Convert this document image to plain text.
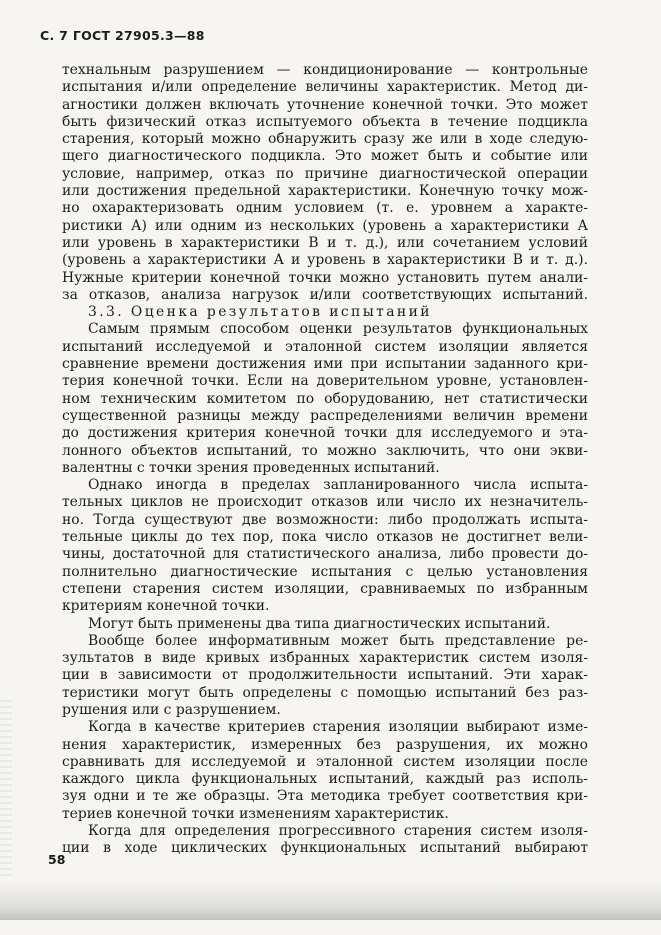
С. 7 ГОСТ 27905.3—88

технальным разрушением — кондиционирование — контрольные
испытания и/или определение величины характеристик. Метод ди-
агностики должен включать уточнение конечной точки. Это может
быть физический отказ испытуемого объекта в течение подцикла
старения, который можно обнаружить сразу же или в ходе следую-
щего диагностического подцикла. Это может быть и событие или
условие, например, отказ по причине диагностической операции
или достижения предельной характеристики. Конечную точку мож-
но охарактеризовать одним условием (т. е. уровнем а характе-
ристики А) или одним из нескольких (уровень а характеристики А
или уровень в характеристики В и т. д.), или сочетанием условий
(уровень а характеристики А и уровень в характеристики В и т. д.).
Нужные критерии конечной точки можно установить путем анали-
за отказов, анализа нагрузок и/или соответствующих испытаний.

3.3. Оценка результатов испытаний

Самым прямым способом оценки результатов функциональных
испытаний исследуемой и эталонной систем изоляции является
сравнение времени достижения ими при испытании заданного кри-
терия конечной точки. Если на доверительном уровне, установлен-
ном техническим комитетом по оборудованию, нет статистически
существенной разницы между распределениями величин времени
до достижения критерия конечной точки для исследуемого и эта-
лонного объектов испытаний, то можно заключить, что они экви-
валентны с точки зрения проведенных испытаний.

Однако иногда в пределах запланированного числа испыта-
тельных циклов не происходит отказов или число их незначитель-
но. Тогда существуют две возможности: либо продолжать испыта-
тельные циклы до тех пор, пока число отказов не достигнет вели-
чины, достаточной для статистического анализа, либо провести до-
полнительно диагностические испытания с целью установления
степени старения систем изоляции, сравниваемых по избранным
критериям конечной точки.

Могут быть применены два типа диагностических испытаний.

Вообще более информативным может быть представление ре-
зультатов в виде кривых избранных характеристик систем изоля-
ции в зависимости от продолжительности испытаний. Эти харак-
теристики могут быть определены с помощью испытаний без раз-
рушения или с разрушением.

Когда в качестве критериев старения изоляции выбирают изме-
нения характеристик, измеренных без разрушения, их можно
сравнивать для исследуемой и эталонной систем изоляции после
каждого цикла функциональных испытаний, каждый раз исполь-
зуя одни и те же образцы. Эта методика требует соответствия кри-
териев конечной точки изменениям характеристик.

Когда для определения прогрессивного старения систем изоля-
ции в ходе циклических функциональных испытаний выбирают

58
